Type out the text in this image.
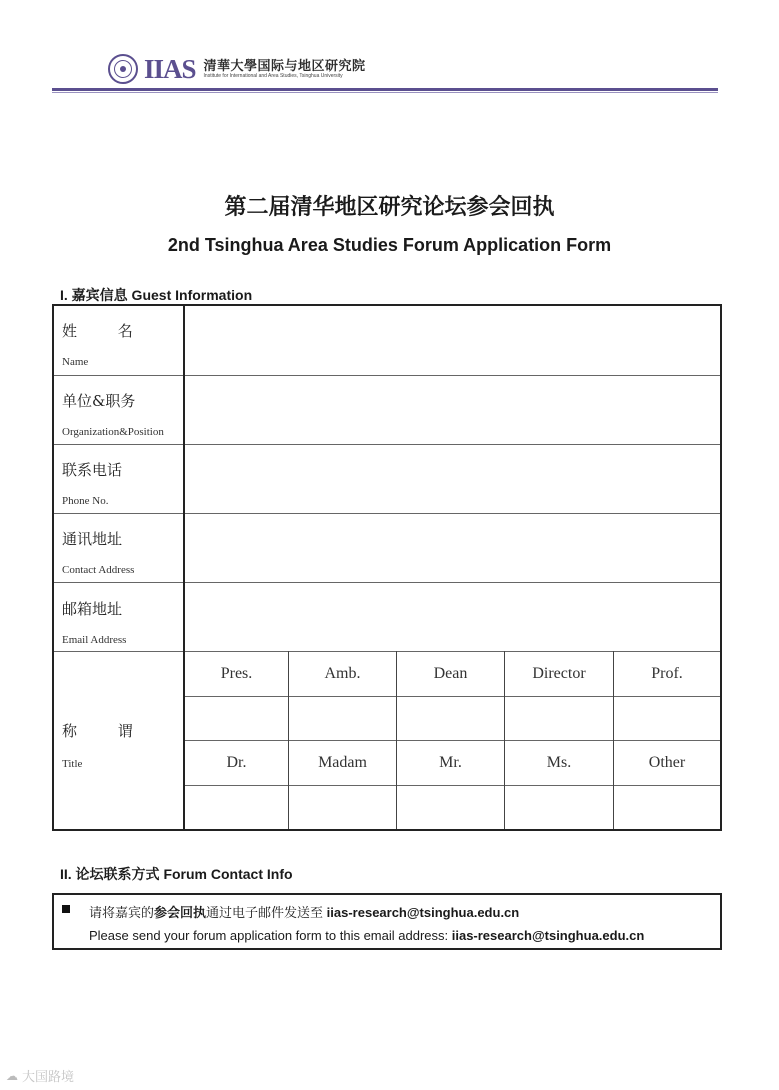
IIAS 清華大學国际与地区研究院
Institute for International and Area Studies, Tsinghua University
第二届清华地区研究论坛参会回执
2nd Tsinghua Area Studies Forum Application Form
I. 嘉宾信息 Guest Information
姓 名
Name
单位&职务
Organization&Position
联系电话
Phone No.
通讯地址
Contact Address
邮箱地址
Email Address
称 谓
Title
Pres.	Amb.	Dean	Director	Prof.
Dr.	Madam	Mr.	Ms.	Other
II. 论坛联系方式 Forum Contact Info
请将嘉宾的参会回执通过电子邮件发送至 iias-research@tsinghua.edu.cn
Please send your forum application form to this email address: iias-research@tsinghua.edu.cn
☁ 大国路境
